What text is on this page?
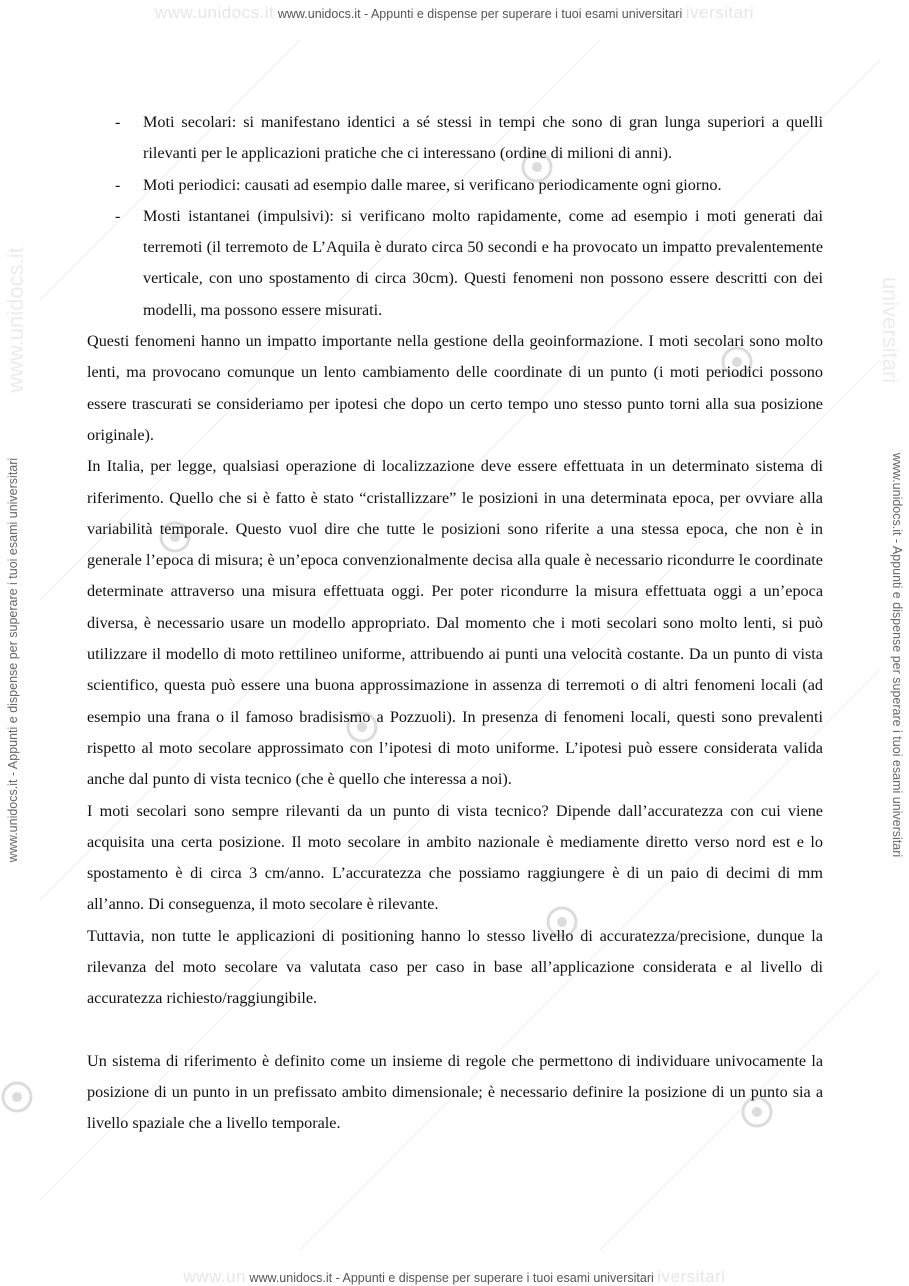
www.unidocs.it www.unidocs.it - Appunti e dispense per superare i tuoi esami universitari iversitari
www.unidocs.it	universitari
www.unidocs.it - Appunti e dispense per superare i tuoi esami universitari	www.unidocs.it - Appunti e dispense per superare i tuoi esami universitari
- Moti secolari: si manifestano identici a sé stessi in tempi che sono di gran lunga superiori a quelli rilevanti per le applicazioni pratiche che ci interessano (ordine di milioni di anni).
- Moti periodici: causati ad esempio dalle maree, si verificano periodicamente ogni giorno.
- Mosti istantanei (impulsivi): si verificano molto rapidamente, come ad esempio i moti generati dai terremoti (il terremoto de L’Aquila è durato circa 50 secondi e ha provocato un impatto prevalentemente verticale, con uno spostamento di circa 30cm). Questi fenomeni non possono essere descritti con dei modelli, ma possono essere misurati.

Questi fenomeni hanno un impatto importante nella gestione della geoinformazione. I moti secolari sono molto lenti, ma provocano comunque un lento cambiamento delle coordinate di un punto (i moti periodici possono essere trascurati se consideriamo per ipotesi che dopo un certo tempo uno stesso punto torni alla sua posizione originale).

In Italia, per legge, qualsiasi operazione di localizzazione deve essere effettuata in un determinato sistema di riferimento. Quello che si è fatto è stato “cristallizzare” le posizioni in una determinata epoca, per ovviare alla variabilità temporale. Questo vuol dire che tutte le posizioni sono riferite a una stessa epoca, che non è in generale l’epoca di misura; è un’epoca convenzionalmente decisa alla quale è necessario ricondurre le coordinate determinate attraverso una misura effettuata oggi. Per poter ricondurre la misura effettuata oggi a un’epoca diversa, è necessario usare un modello appropriato. Dal momento che i moti secolari sono molto lenti, si può utilizzare il modello di moto rettilineo uniforme, attribuendo ai punti una velocità costante. Da un punto di vista scientifico, questa può essere una buona approssimazione in assenza di terremoti o di altri fenomeni locali (ad esempio una frana o il famoso bradisismo a Pozzuoli). In presenza di fenomeni locali, questi sono prevalenti rispetto al moto secolare approssimato con l’ipotesi di moto uniforme. L’ipotesi può essere considerata valida anche dal punto di vista tecnico (che è quello che interessa a noi).

I moti secolari sono sempre rilevanti da un punto di vista tecnico? Dipende dall’accuratezza con cui viene acquisita una certa posizione. Il moto secolare in ambito nazionale è mediamente diretto verso nord est e lo spostamento è di circa 3 cm/anno. L’accuratezza che possiamo raggiungere è di un paio di decimi di mm all’anno. Di conseguenza, il moto secolare è rilevante.

Tuttavia, non tutte le applicazioni di positioning hanno lo stesso livello di accuratezza/precisione, dunque la rilevanza del moto secolare va valutata caso per caso in base all’applicazione considerata e al livello di accuratezza richiesto/raggiungibile.

Un sistema di riferimento è definito come un insieme di regole che permettono di individuare univocamente la posizione di un punto in un prefissato ambito dimensionale; è necessario definire la posizione di un punto sia a livello spaziale che a livello temporale.

www.un www.unidocs.it - Appunti e dispense per superare i tuoi esami universitari iversitari
